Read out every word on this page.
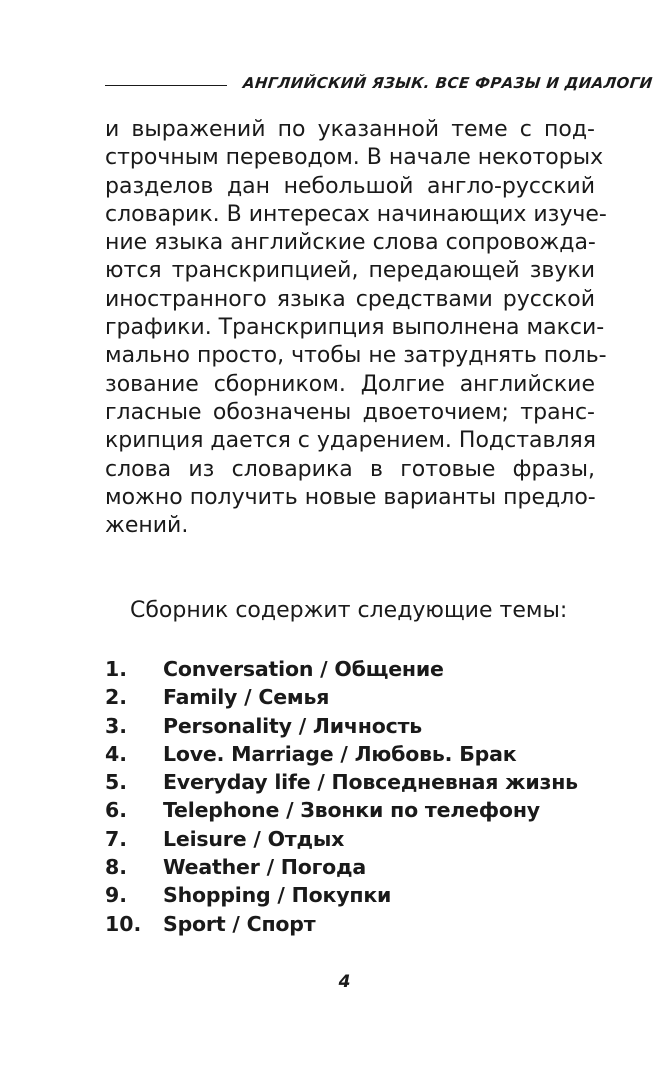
АНГЛИЙСКИЙ ЯЗЫК. ВСЕ ФРАЗЫ И ДИАЛОГИ
и выражений по указанной теме с под-
строчным переводом. В начале некоторых
разделов дан небольшой англо-русский
словарик. В интересах начинающих изуче-
ние языка английские слова сопровожда-
ются транскрипцией, передающей звуки
иностранного языка средствами русской
графики. Транскрипция выполнена макси-
мально просто, чтобы не затруднять поль-
зование сборником. Долгие английские
гласные обозначены двоеточием; транс-
крипция дается с ударением. Подставляя
слова из словарика в готовые фразы,
можно получить новые варианты предло-
жений.
Сборник содержит следующие темы:
1.	Conversation / Общение
2.	Family / Семья
3.	Personality / Личность
4.	Love. Marriage / Любовь. Брак
5.	Everyday life / Повседневная жизнь
6.	Telephone / Звонки по телефону
7.	Leisure / Отдых
8.	Weather / Погода
9.	Shopping / Покупки
10.	Sport / Спорт
4
